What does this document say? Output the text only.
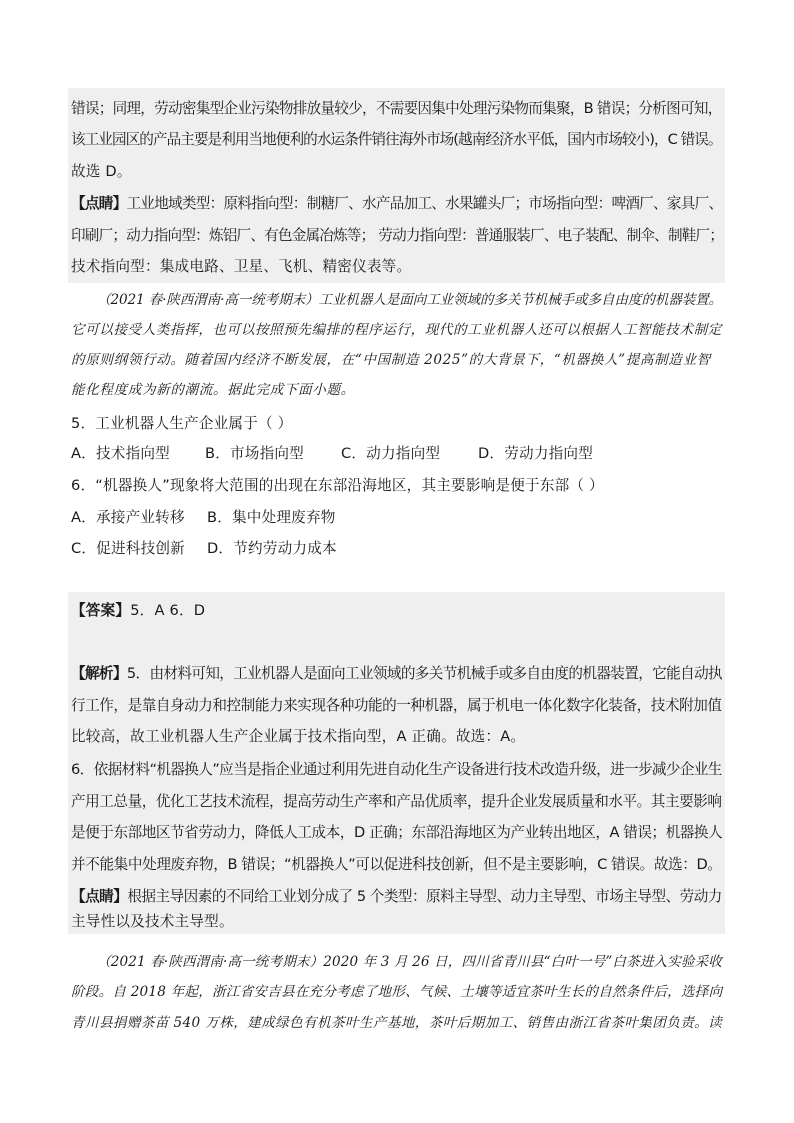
错误；同理，劳动密集型企业污染物排放量较少，不需要因集中处理污染物而集聚，B 错误；分析图可知，
该工业园区的产品主要是利用当地便利的水运条件销往海外市场(越南经济水平低，国内市场较小)，C 错误。
故选 D。
【点睛】工业地域类型：原料指向型：制糖厂、水产品加工、水果罐头厂；市场指向型：啤酒厂、家具厂、
印刷厂；动力指向型：炼铝厂、有色金属冶炼等； 劳动力指向型：普通服装厂、电子装配、制伞、制鞋厂；
技术指向型：集成电路、卫星、飞机、精密仪表等。
（2021 春·陕西渭南·高一统考期末）工业机器人是面向工业领域的多关节机械手或多自由度的机器装置。
它可以接受人类指挥，也可以按照预先编排的程序运行，现代的工业机器人还可以根据人工智能技术制定
的原则纲领行动。随着国内经济不断发展，在“中国制造 2025”的大背景下，“机器换人”提高制造业智
能化程度成为新的潮流。据此完成下面小题。
5．工业机器人生产企业属于（ ）
A．技术指向型 B．市场指向型	C．动力指向型	D．劳动力指向型
6．“机器换人”现象将大范围的出现在东部沿海地区，其主要影响是便于东部（ ）
A．承接产业转移 B．集中处理废弃物
C．促进科技创新 D．节约劳动力成本
【答案】5．A 6．D
【解析】5．由材料可知，工业机器人是面向工业领域的多关节机械手或多自由度的机器装置，它能自动执
行工作，是靠自身动力和控制能力来实现各种功能的一种机器，属于机电一体化数字化装备，技术附加值
比较高，故工业机器人生产企业属于技术指向型，A 正确。故选：A。
6．依据材料“机器换人”应当是指企业通过利用先进自动化生产设备进行技术改造升级，进一步减少企业生
产用工总量，优化工艺技术流程，提高劳动生产率和产品优质率，提升企业发展质量和水平。其主要影响
是便于东部地区节省劳动力，降低人工成本，D 正确；东部沿海地区为产业转出地区，A 错误；机器换人
并不能集中处理废弃物，B 错误；“机器换人”可以促进科技创新，但不是主要影响，C 错误。故选：D。
【点睛】根据主导因素的不同给工业划分成了 5 个类型：原料主导型、动力主导型、市场主导型、劳动力
主导性以及技术主导型。
（2021 春·陕西渭南·高一统考期末）2020 年 3 月 26 日，四川省青川县“白叶一号”白茶进入实验采收
阶段。自 2018 年起，浙江省安吉县在充分考虑了地形、气候、土壤等适宜茶叶生长的自然条件后，选择向
青川县捐赠茶苗 540 万株，建成绿色有机茶叶生产基地，茶叶后期加工、销售由浙江省茶叶集团负责。读
